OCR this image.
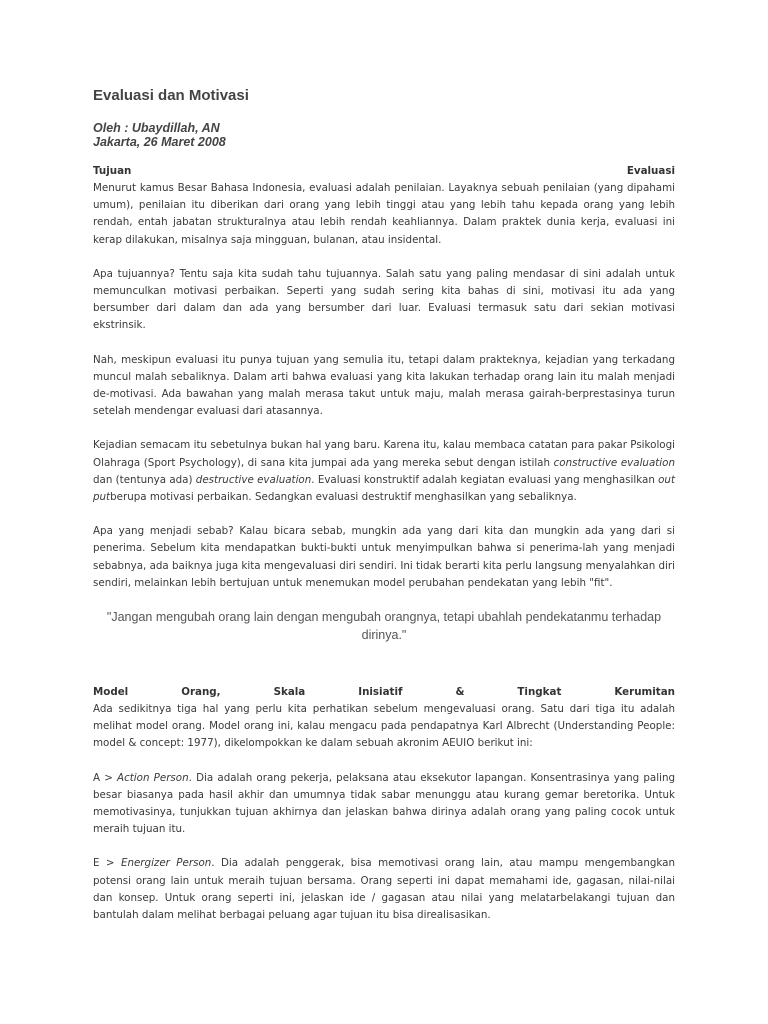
Evaluasi dan Motivasi
Oleh : Ubaydillah, AN
Jakarta, 26 Maret 2008
Tujuan	Evaluasi

Menurut kamus Besar Bahasa Indonesia, evaluasi adalah penilaian. Layaknya sebuah penilaian (yang dipahami umum), penilaian itu diberikan dari orang yang lebih tinggi atau yang lebih tahu kepada orang yang lebih rendah, entah jabatan strukturalnya atau lebih rendah keahliannya. Dalam praktek dunia kerja, evaluasi ini kerap dilakukan, misalnya saja mingguan, bulanan, atau insidental.

Apa tujuannya? Tentu saja kita sudah tahu tujuannya. Salah satu yang paling mendasar di sini adalah untuk memunculkan motivasi perbaikan. Seperti yang sudah sering kita bahas di sini, motivasi itu ada yang bersumber dari dalam dan ada yang bersumber dari luar. Evaluasi termasuk satu dari sekian motivasi ekstrinsik.

Nah, meskipun evaluasi itu punya tujuan yang semulia itu, tetapi dalam prakteknya, kejadian yang terkadang muncul malah sebaliknya. Dalam arti bahwa evaluasi yang kita lakukan terhadap orang lain itu malah menjadi de-motivasi. Ada bawahan yang malah merasa takut untuk maju, malah merasa gairah-berprestasinya turun setelah mendengar evaluasi dari atasannya.

Kejadian semacam itu sebetulnya bukan hal yang baru. Karena itu, kalau membaca catatan para pakar Psikologi Olahraga (Sport Psychology), di sana kita jumpai ada yang mereka sebut dengan istilah constructive evaluation dan (tentunya ada) destructive evaluation. Evaluasi konstruktif adalah kegiatan evaluasi yang menghasilkan out putberupa motivasi perbaikan. Sedangkan evaluasi destruktif menghasilkan yang sebaliknya.

Apa yang menjadi sebab? Kalau bicara sebab, mungkin ada yang dari kita dan mungkin ada yang dari si penerima. Sebelum kita mendapatkan bukti-bukti untuk menyimpulkan bahwa si penerima-lah yang menjadi sebabnya, ada baiknya juga kita mengevaluasi diri sendiri. Ini tidak berarti kita perlu langsung menyalahkan diri sendiri, melainkan lebih bertujuan untuk menemukan model perubahan pendekatan yang lebih "fit".

"Jangan mengubah orang lain dengan mengubah orangnya, tetapi ubahlah pendekatanmu terhadap dirinya."
Model	Orang,	Skala	Inisiatif	&	Tingkat	Kerumitan

Ada sedikitnya tiga hal yang perlu kita perhatikan sebelum mengevaluasi orang. Satu dari tiga itu adalah melihat model orang. Model orang ini, kalau mengacu pada pendapatnya Karl Albrecht (Understanding People: model & concept: 1977), dikelompokkan ke dalam sebuah akronim AEUIO berikut ini:

A > Action Person. Dia adalah orang pekerja, pelaksana atau eksekutor lapangan. Konsentrasinya yang paling besar biasanya pada hasil akhir dan umumnya tidak sabar menunggu atau kurang gemar beretorika. Untuk memotivasinya, tunjukkan tujuan akhirnya dan jelaskan bahwa dirinya adalah orang yang paling cocok untuk meraih tujuan itu.

E > Energizer Person. Dia adalah penggerak, bisa memotivasi orang lain, atau mampu mengembangkan potensi orang lain untuk meraih tujuan bersama. Orang seperti ini dapat memahami ide, gagasan, nilai-nilai dan konsep. Untuk orang seperti ini, jelaskan ide / gagasan atau nilai yang melatarbelakangi tujuan dan bantulah dalam melihat berbagai peluang agar tujuan itu bisa direalisasikan.
